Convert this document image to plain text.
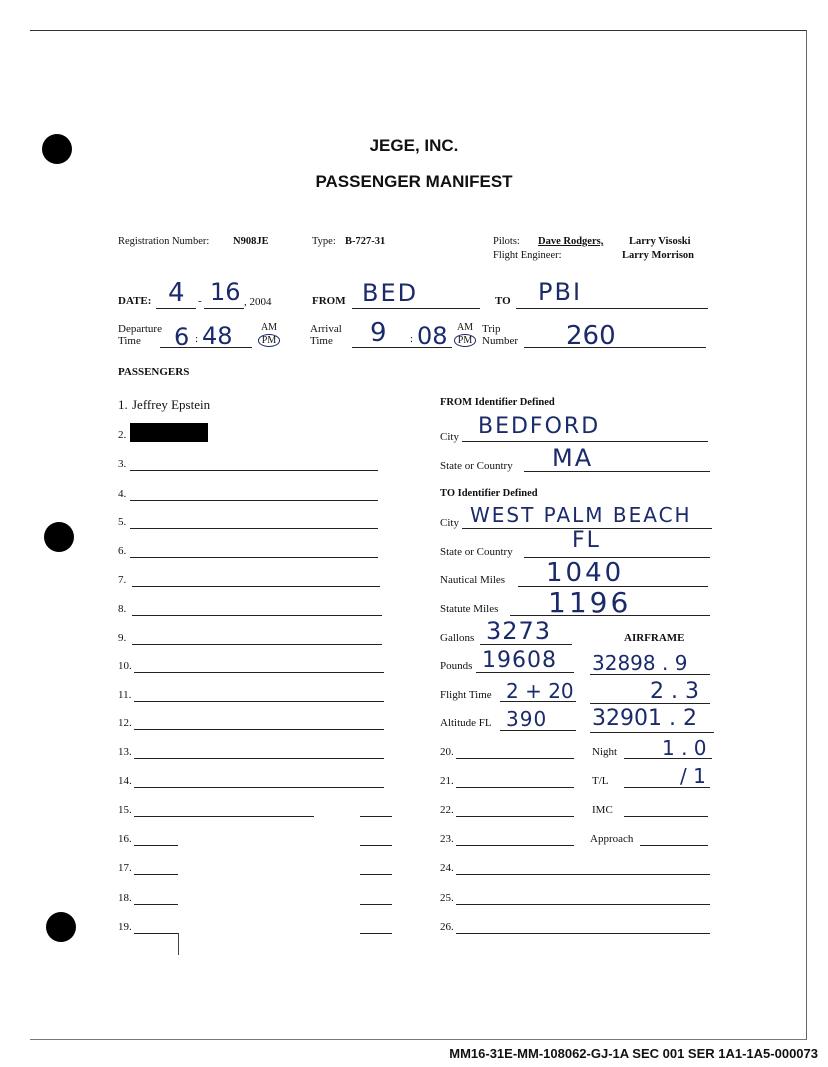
JEGE, INC.
PASSENGER MANIFEST
Registration Number: N908JE	Type: B-727-31	Pilots: Dave Rodgers, Larry Visoski
Flight Engineer:	Larry Morrison
DATE: 4 - 16 , 2004	FROM BED	TO PBI
Departure
Time	6 : 48	AM
PM
Arrival
Time	9 : 08 AM
PM
Trip
Number 260
PASSENGERS
1. Jeffrey Epstein
2.
3.
4.
5.
6.
7.
8.
9.
10.
11.
12.
13.
14.
15.
16.
17.
18.
19.
FROM Identifier Defined
City BEDFORD
State or Country MA
TO Identifier Defined
City WEST PALM BEACH
State or Country	FL
Nautical Miles 1040
Statute Miles 1196
Gallons 3273	AIRFRAME
Pounds 19608 32898 . 9
Flight Time 2 + 20	2 . 3
Altitude FL 390 32901 . 2
20.	Night 1 . 0
21.	T/L	/ 1
22.	IMC
23.	Approach
24.
25.
26.
MM16-31E-MM-108062-GJ-1A SEC 001 SER 1A1-1A5-000073
